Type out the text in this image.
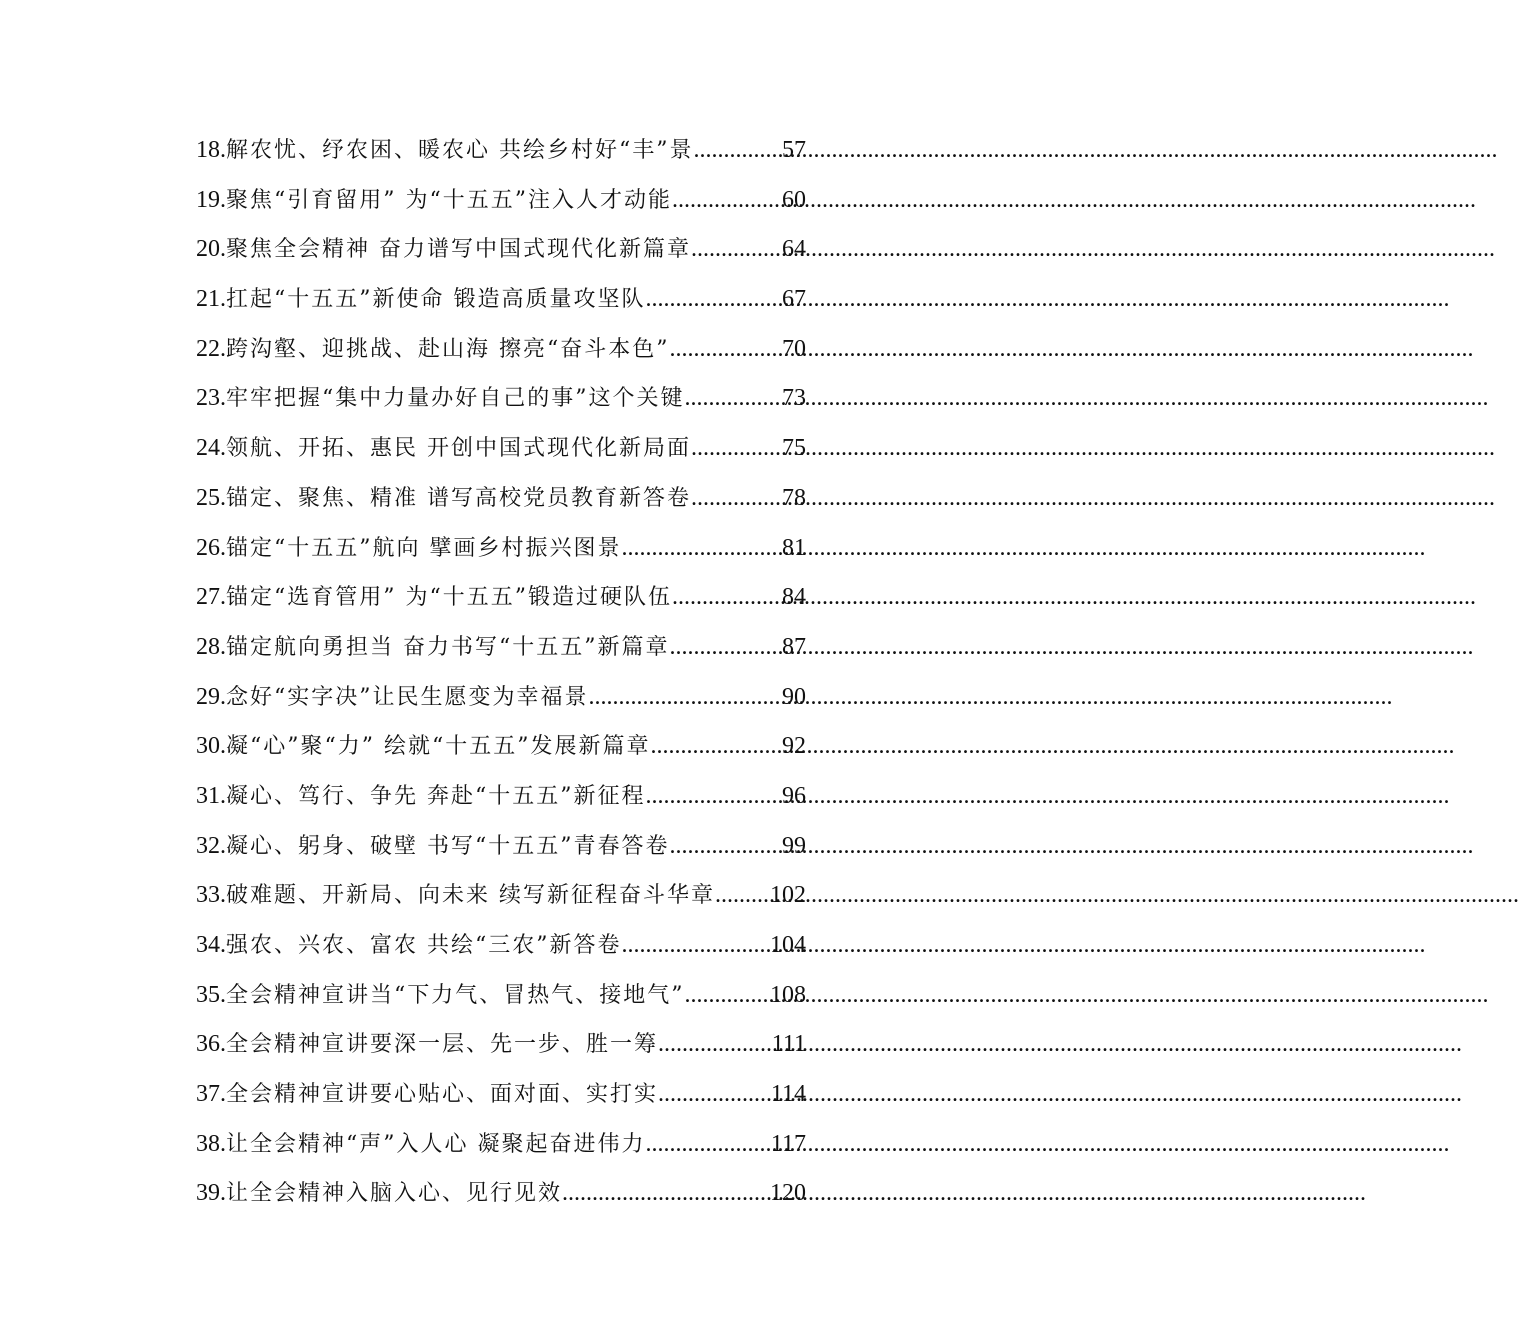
18. 解农忧、纾农困、暖农心 共绘乡村好“丰”景 .....	57
19. 聚焦“引育留用” 为“十五五”注入人才动能 .....	60
20. 聚焦全会精神 奋力谱写中国式现代化新篇章 .....	64
21. 扛起“十五五”新使命 锻造高质量攻坚队 .....	67
22. 跨沟壑、迎挑战、赴山海 擦亮“奋斗本色” .....	70
23. 牢牢把握“集中力量办好自己的事”这个关键 .....	73
24. 领航、开拓、惠民 开创中国式现代化新局面 .....	75
25. 锚定、聚焦、精准 谱写高校党员教育新答卷 .....	78
26. 锚定“十五五”航向 擘画乡村振兴图景 .....	81
27. 锚定“选育管用” 为“十五五”锻造过硬队伍 .....	84
28. 锚定航向勇担当 奋力书写“十五五”新篇章 .....	87
29. 念好“实字决”让民生愿变为幸福景 .....	90
30. 凝“心”聚“力” 绘就“十五五”发展新篇章 .....	92
31. 凝心、笃行、争先 奔赴“十五五”新征程 .....	96
32. 凝心、躬身、破壁 书写“十五五”青春答卷 .....	99
33. 破难题、开新局、向未来 续写新征程奋斗华章 ..... 102
34. 强农、兴农、富农 共绘“三农”新答卷 .....	104
35. 全会精神宣讲当“下力气、冒热气、接地气” .....	108
36. 全会精神宣讲要深一层、先一步、胜一筹 .....	111
37. 全会精神宣讲要心贴心、面对面、实打实 .....	114
38. 让全会精神“声”入人心 凝聚起奋进伟力 .....	117
39. 让全会精神入脑入心、见行见效 .....	120
